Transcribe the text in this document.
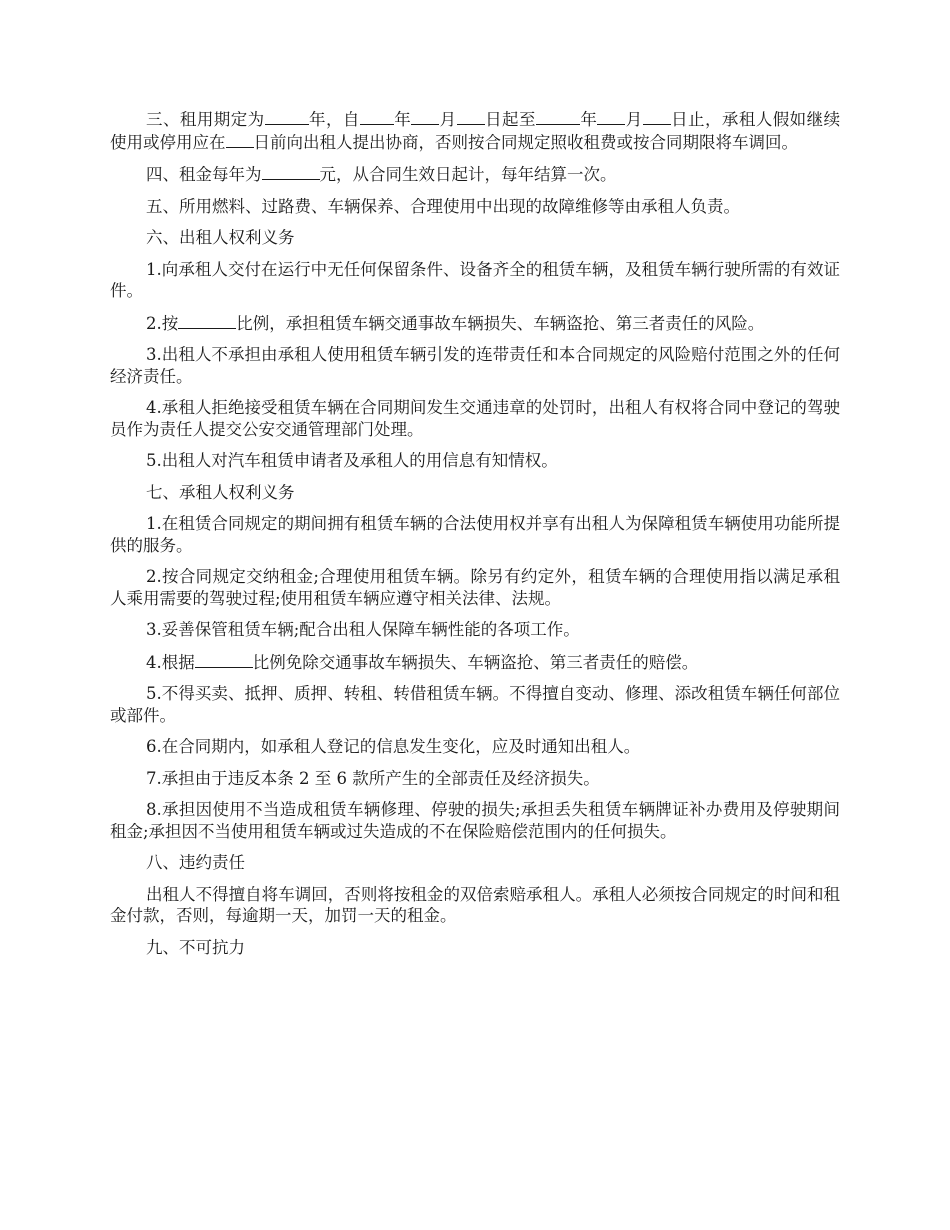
三、租用期定为	年，自 年 月 日起至	年 月 日止，承租人假如继续使用或停用应在 日前向出租人提出协商，否则按合同规定照收租费或按合同期限将车调回。

四、租金每年为	元，从合同生效日起计，每年结算一次。

五、所用燃料、过路费、车辆保养、合理使用中出现的故障维修等由承租人负责。

六、出租人权利义务

1.向承租人交付在运行中无任何保留条件、设备齐全的租赁车辆，及租赁车辆行驶所需的有效证件。

2.按	比例，承担租赁车辆交通事故车辆损失、车辆盗抢、第三者责任的风险。

3.出租人不承担由承租人使用租赁车辆引发的连带责任和本合同规定的风险赔付范围之外的任何经济责任。

4.承租人拒绝接受租赁车辆在合同期间发生交通违章的处罚时，出租人有权将合同中登记的驾驶员作为责任人提交公安交通管理部门处理。

5.出租人对汽车租赁申请者及承租人的用信息有知情权。

七、承租人权利义务

1.在租赁合同规定的期间拥有租赁车辆的合法使用权并享有出租人为保障租赁车辆使用功能所提供的服务。

2.按合同规定交纳租金;合理使用租赁车辆。除另有约定外，租赁车辆的合理使用指以满足承租人乘用需要的驾驶过程;使用租赁车辆应遵守相关法律、法规。

3.妥善保管租赁车辆;配合出租人保障车辆性能的各项工作。

4.根据	比例免除交通事故车辆损失、车辆盗抢、第三者责任的赔偿。

5.不得买卖、抵押、质押、转租、转借租赁车辆。不得擅自变动、修理、添改租赁车辆任何部位或部件。

6.在合同期内，如承租人登记的信息发生变化，应及时通知出租人。

7.承担由于违反本条 2 至 6 款所产生的全部责任及经济损失。

8.承担因使用不当造成租赁车辆修理、停驶的损失;承担丢失租赁车辆牌证补办费用及停驶期间租金;承担因不当使用租赁车辆或过失造成的不在保险赔偿范围内的任何损失。

八、违约责任

出租人不得擅自将车调回，否则将按租金的双倍索赔承租人。承租人必须按合同规定的时间和租金付款，否则，每逾期一天，加罚一天的租金。

九、不可抗力
